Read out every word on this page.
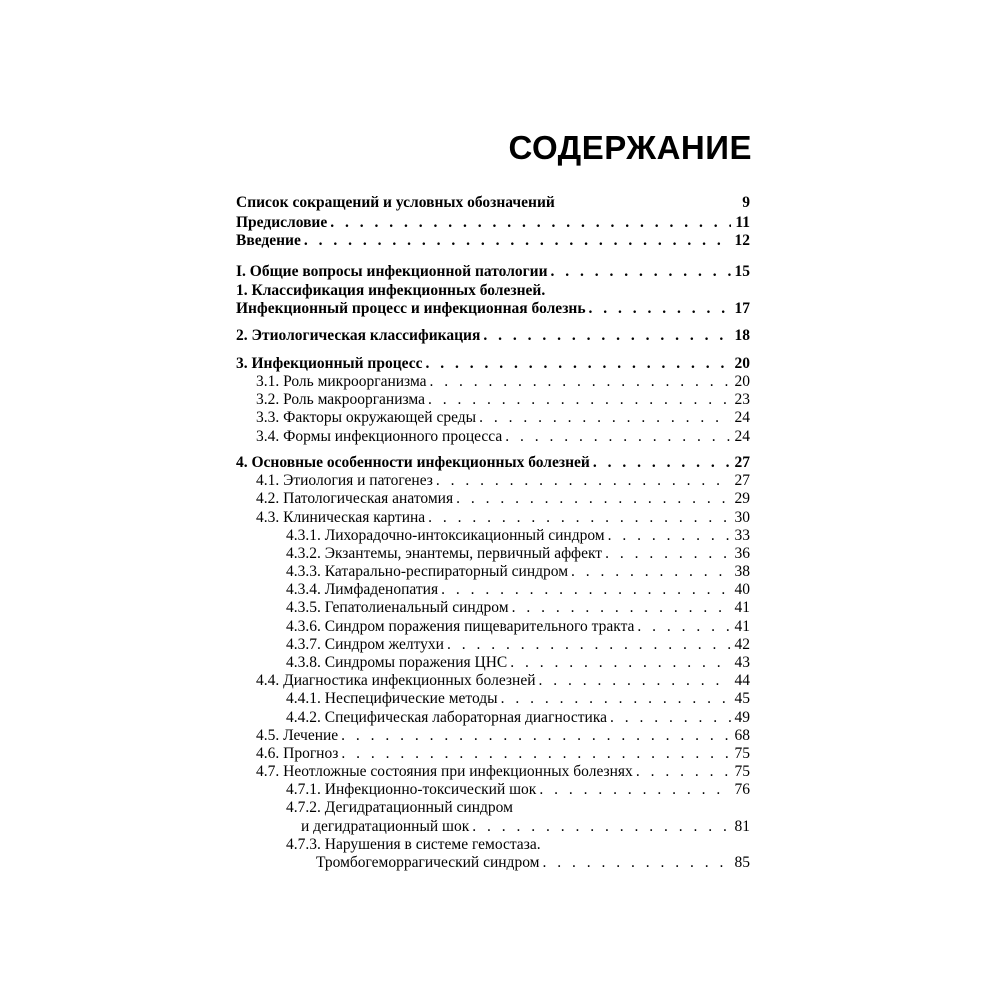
СОДЕРЖАНИЕ
Список сокращений и условных обозначений	9
Предисловие . . .	11
Введение . . .	12
I. Общие вопросы инфекционной патологии . . .	15
1. Классификация инфекционных болезней.
Инфекционный процесс и инфекционная болезнь . . .	17
2. Этиологическая классификация . . .	18
3. Инфекционный процесс . . .	20
3.1. Роль микроорганизма . . .	20
3.2. Роль макроорганизма . . .	23
3.3. Факторы окружающей среды . . .	24
3.4. Формы инфекционного процесса . . .	24
4. Основные особенности инфекционных болезней . . .	27
4.1. Этиология и патогенез . . .	27
4.2. Патологическая анатомия . . .	29
4.3. Клиническая картина . . .	30
4.3.1. Лихорадочно-интоксикационный синдром . . .	33
4.3.2. Экзантемы, энантемы, первичный аффект . . .	36
4.3.3. Катарально-респираторный синдром . . .	38
4.3.4. Лимфаденопатия . . .	40
4.3.5. Гепатолиенальный синдром . . .	41
4.3.6. Синдром поражения пищеварительного тракта . . .	41
4.3.7. Синдром желтухи . . .	42
4.3.8. Синдромы поражения ЦНС . . .	43
4.4. Диагностика инфекционных болезней . . .	44
4.4.1. Неспецифические методы . . .	45
4.4.2. Специфическая лабораторная диагностика . . .	49
4.5. Лечение . . .	68
4.6. Прогноз . . .	75
4.7. Неотложные состояния при инфекционных болезнях . . .	75
4.7.1. Инфекционно-токсический шок . . .	76
4.7.2. Дегидратационный синдром
и дегидратационный шок . . .	81
4.7.3. Нарушения в системе гемостаза.
Тромбогеморрагический синдром . . .	85
